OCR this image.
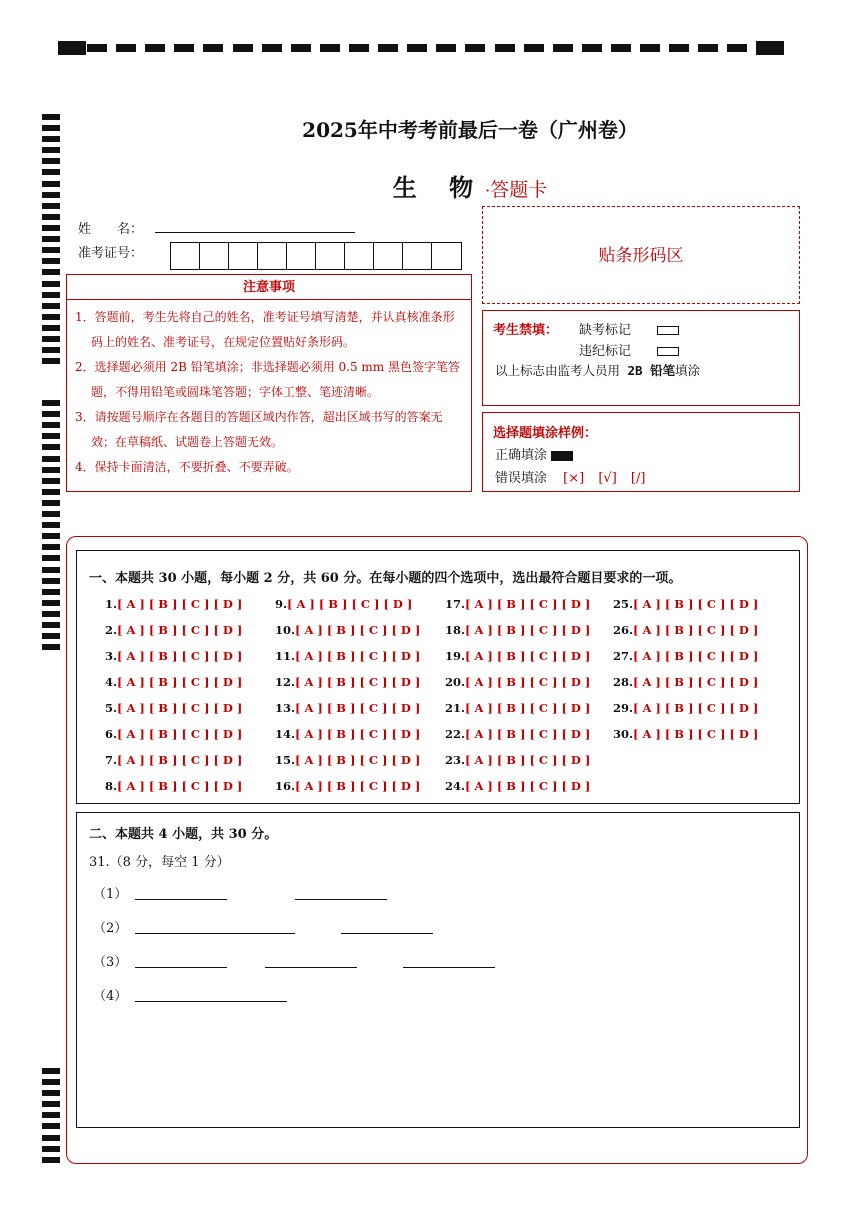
2025年中考考前最后一卷（广州卷）
生 物·答题卡
姓　　名：
准考证号：
注意事项
1．答题前，考生先将自己的姓名，准考证号填写清楚，并认真核准条形码上的姓名、准考证号，在规定位置贴好条形码。
2．选择题必须用 2B 铅笔填涂；非选择题必须用 0.5 mm 黑色签字笔答题，不得用铅笔或圆珠笔答题；字体工整、笔迹清晰。
3．请按题号顺序在各题目的答题区域内作答，超出区域书写的答案无效；在草稿纸、试题卷上答题无效。
4．保持卡面清洁，不要折叠、不要弄破。
贴条形码区
考生禁填： 缺考标记
违纪标记
以上标志由监考人员用 2B 铅笔填涂
选择题填涂样例：
正确填涂
错误填涂 [×] [√] [/]
一、本题共 30 小题，每小题 2 分，共 60 分。在每小题的四个选项中，选出最符合题目要求的一项。
1.[ A ] [ B ] [ C ] [ D ]
2.[ A ] [ B ] [ C ] [ D ]
3.[ A ] [ B ] [ C ] [ D ]
4.[ A ] [ B ] [ C ] [ D ]
5.[ A ] [ B ] [ C ] [ D ]
6.[ A ] [ B ] [ C ] [ D ]
7.[ A ] [ B ] [ C ] [ D ]
8.[ A ] [ B ] [ C ] [ D ]
9.[ A ] [ B ] [ C ] [ D ]
10.[ A ] [ B ] [ C ] [ D ]
11.[ A ] [ B ] [ C ] [ D ]
12.[ A ] [ B ] [ C ] [ D ]
13.[ A ] [ B ] [ C ] [ D ]
14.[ A ] [ B ] [ C ] [ D ]
15.[ A ] [ B ] [ C ] [ D ]
16.[ A ] [ B ] [ C ] [ D ]
17.[ A ] [ B ] [ C ] [ D ]
18.[ A ] [ B ] [ C ] [ D ]
19.[ A ] [ B ] [ C ] [ D ]
20.[ A ] [ B ] [ C ] [ D ]
21.[ A ] [ B ] [ C ] [ D ]
22.[ A ] [ B ] [ C ] [ D ]
23.[ A ] [ B ] [ C ] [ D ]
24.[ A ] [ B ] [ C ] [ D ]
25.[ A ] [ B ] [ C ] [ D ]
26.[ A ] [ B ] [ C ] [ D ]
27.[ A ] [ B ] [ C ] [ D ]
28.[ A ] [ B ] [ C ] [ D ]
29.[ A ] [ B ] [ C ] [ D ]
30.[ A ] [ B ] [ C ] [ D ]
二、本题共 4 小题，共 30 分。
31.（8 分，每空 1 分）
（1）
（2）
（3）
（4）
